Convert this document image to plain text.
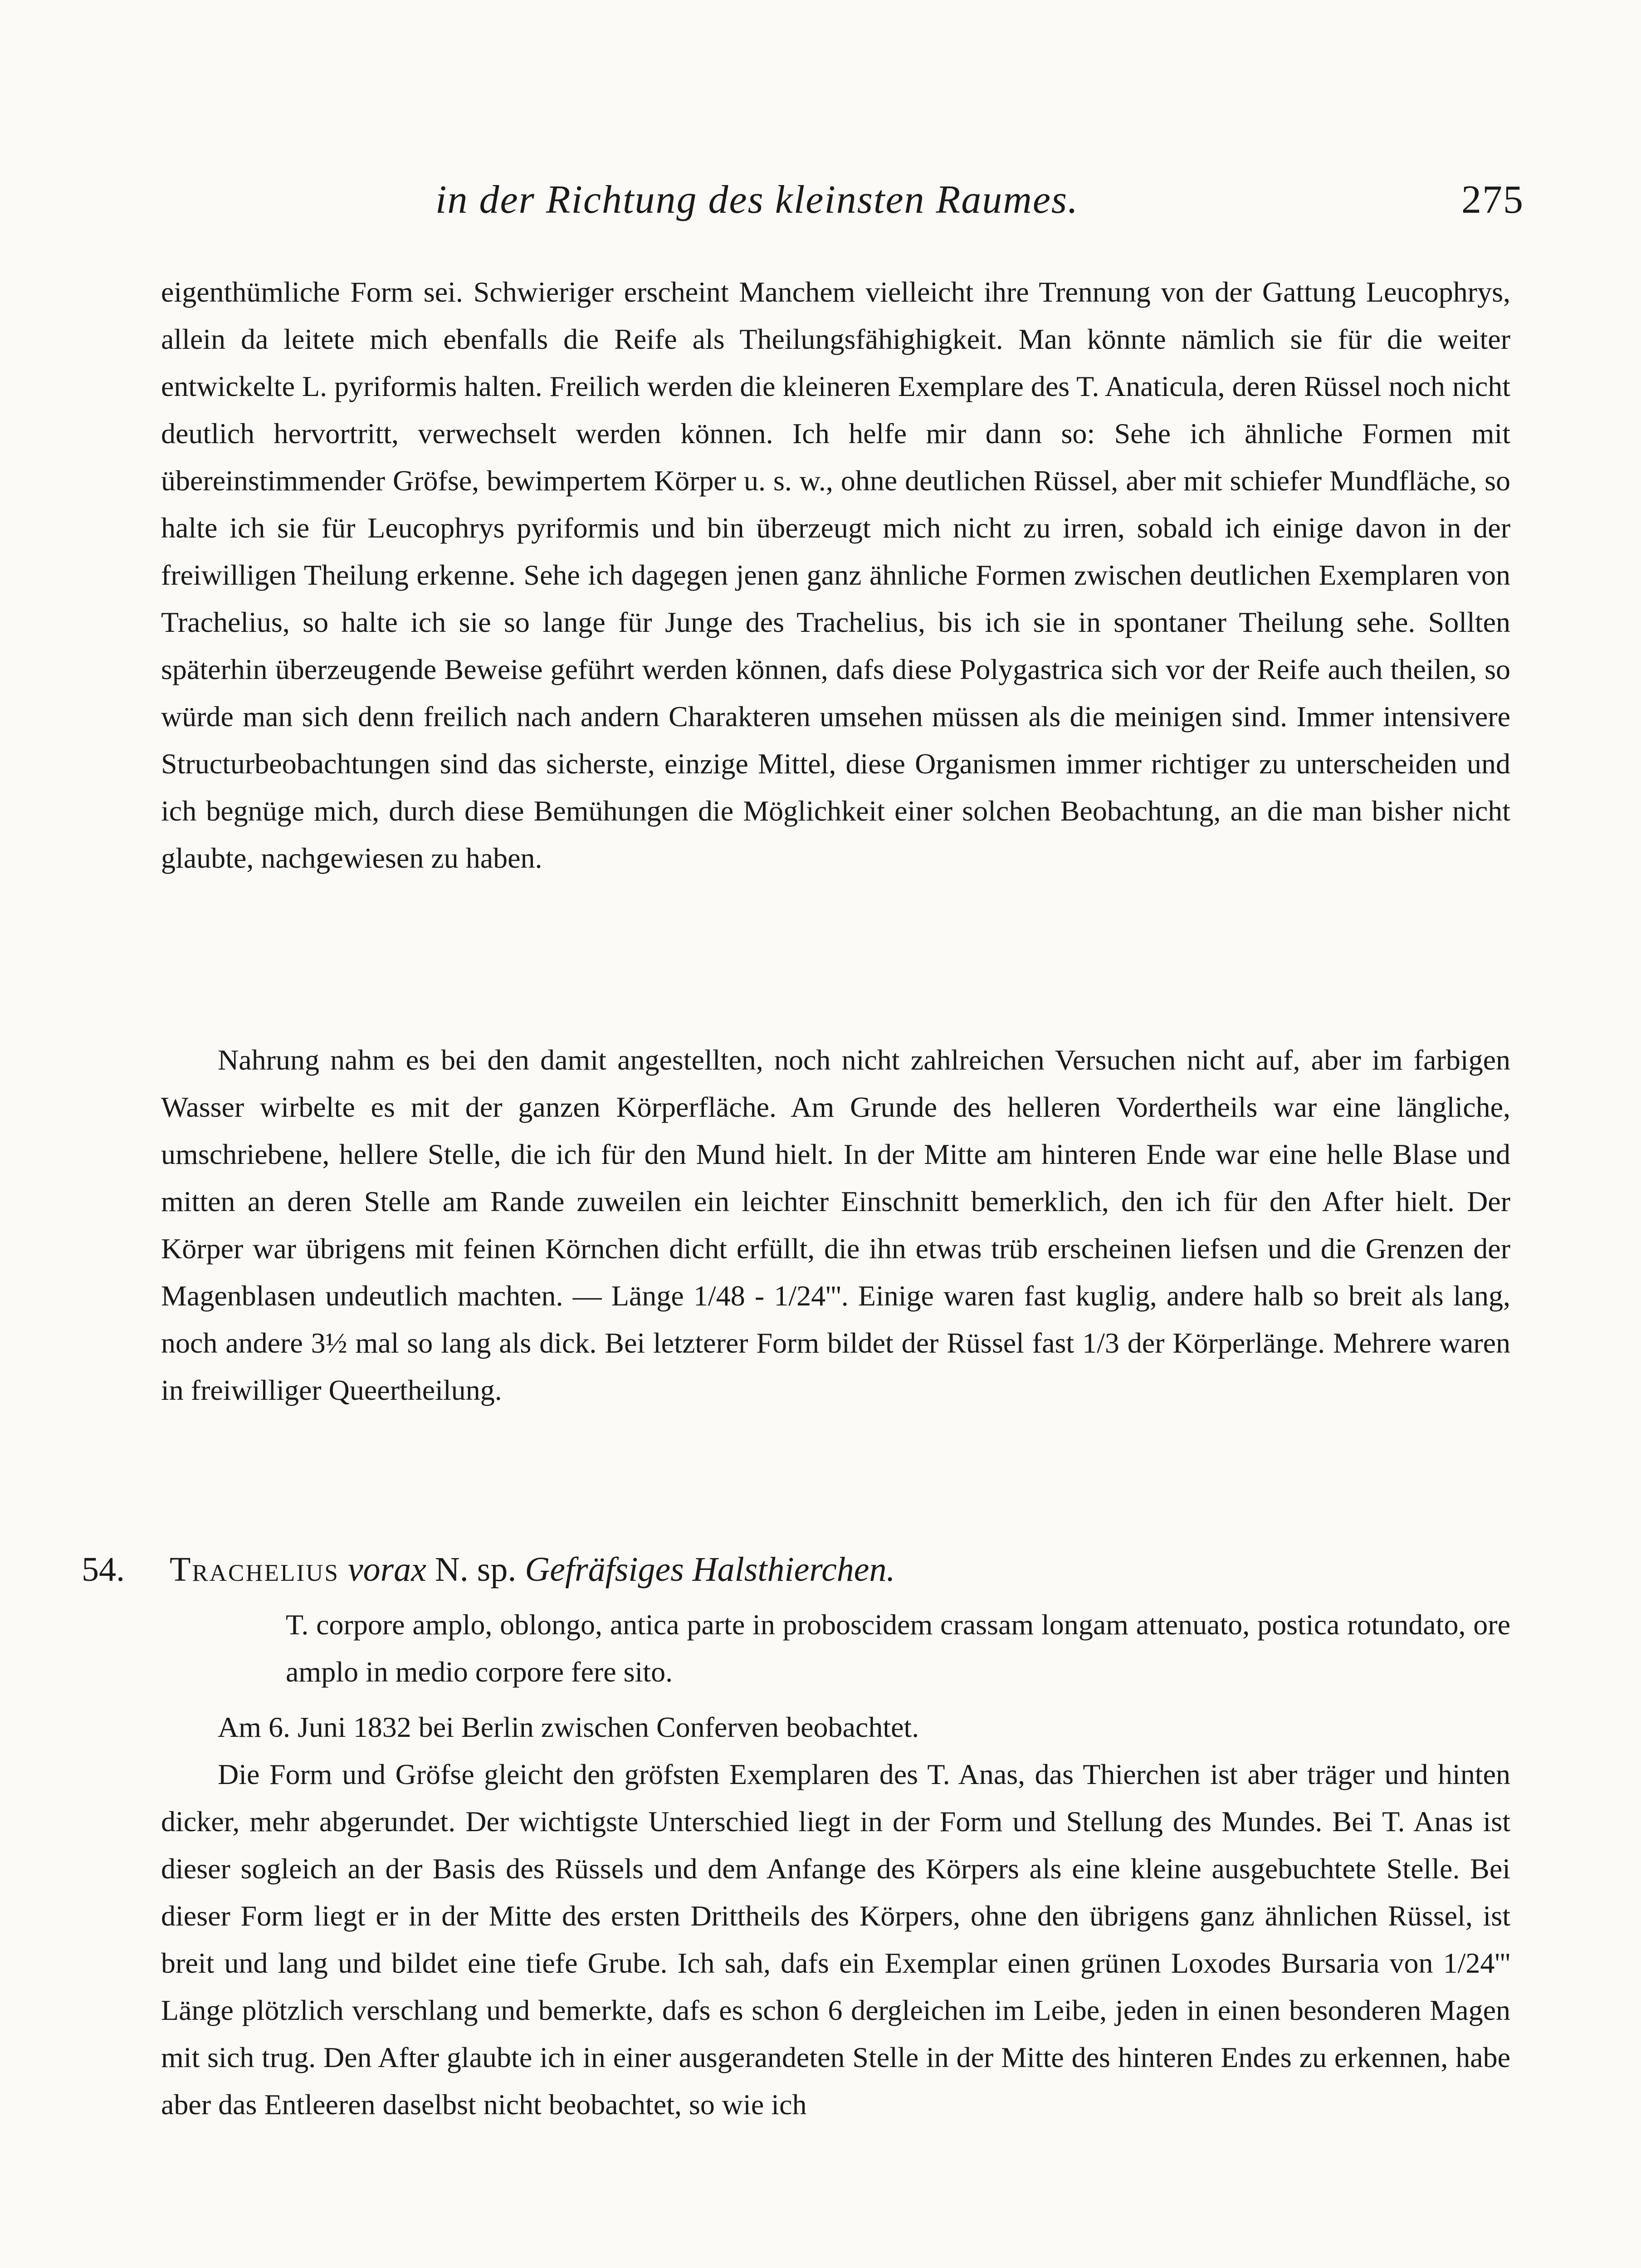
in der Richtung des kleinsten Raumes.	275
eigenthümliche Form sei. Schwieriger erscheint Manchem vielleicht ihre Trennung von der Gattung Leucophrys, allein da leitete mich ebenfalls die Reife als Theilungsfähighigkeit. Man könnte nämlich sie für die weiter entwickelte L. pyriformis halten. Freilich werden die kleineren Exemplare des T. Anaticula, deren Rüssel noch nicht deutlich hervortritt, verwechselt werden können. Ich helfe mir dann so: Sehe ich ähnliche Formen mit übereinstimmender Gröfse, bewimpertem Körper u. s. w., ohne deutlichen Rüssel, aber mit schiefer Mundfläche, so halte ich sie für Leucophrys pyriformis und bin überzeugt mich nicht zu irren, sobald ich einige davon in der freiwilligen Theilung erkenne. Sehe ich dagegen jenen ganz ähnliche Formen zwischen deutlichen Exemplaren von Trachelius, so halte ich sie so lange für Junge des Trachelius, bis ich sie in spontaner Theilung sehe. Sollten späterhin überzeugende Beweise geführt werden können, dafs diese Polygastrica sich vor der Reife auch theilen, so würde man sich denn freilich nach andern Charakteren umsehen müssen als die meinigen sind. Immer intensivere Structurbeobachtungen sind das sicherste, einzige Mittel, diese Organismen immer richtiger zu unterscheiden und ich begnüge mich, durch diese Bemühungen die Möglichkeit einer solchen Beobachtung, an die man bisher nicht glaubte, nachgewiesen zu haben.
Nahrung nahm es bei den damit angestellten, noch nicht zahlreichen Versuchen nicht auf, aber im farbigen Wasser wirbelte es mit der ganzen Körperfläche. Am Grunde des helleren Vordertheils war eine längliche, umschriebene, hellere Stelle, die ich für den Mund hielt. In der Mitte am hinteren Ende war eine helle Blase und mitten an deren Stelle am Rande zuweilen ein leichter Einschnitt bemerklich, den ich für den After hielt. Der Körper war übrigens mit feinen Körnchen dicht erfüllt, die ihn etwas trüb erscheinen liefsen und die Grenzen der Magenblasen undeutlich machten. — Länge 1/48 - 1/24'''. Einige waren fast kuglig, andere halb so breit als lang, noch andere 3½ mal so lang als dick. Bei letzterer Form bildet der Rüssel fast 1/3 der Körperlänge. Mehrere waren in freiwilliger Queertheilung.
54. Trachelius vorax N. sp. Gefräfsiges Halsthierchen.
T. corpore amplo, oblongo, antica parte in proboscidem crassam longam attenuato, postica rotundato, ore amplo in medio corpore fere sito.
Am 6. Juni 1832 bei Berlin zwischen Conferven beobachtet.
Die Form und Gröfse gleicht den gröfsten Exemplaren des T. Anas, das Thierchen ist aber träger und hinten dicker, mehr abgerundet. Der wichtigste Unterschied liegt in der Form und Stellung des Mundes. Bei T. Anas ist dieser sogleich an der Basis des Rüssels und dem Anfange des Körpers als eine kleine ausgebuchtete Stelle. Bei dieser Form liegt er in der Mitte des ersten Drittheils des Körpers, ohne den übrigens ganz ähnlichen Rüssel, ist breit und lang und bildet eine tiefe Grube. Ich sah, dafs ein Exemplar einen grünen Loxodes Bursaria von 1/24''' Länge plötzlich verschlang und bemerkte, dafs es schon 6 dergleichen im Leibe, jeden in einen besonderen Magen mit sich trug. Den After glaubte ich in einer ausgerandeten Stelle in der Mitte des hinteren Endes zu erkennen, habe aber das Entleeren daselbst nicht beobachtet, so wie ich
